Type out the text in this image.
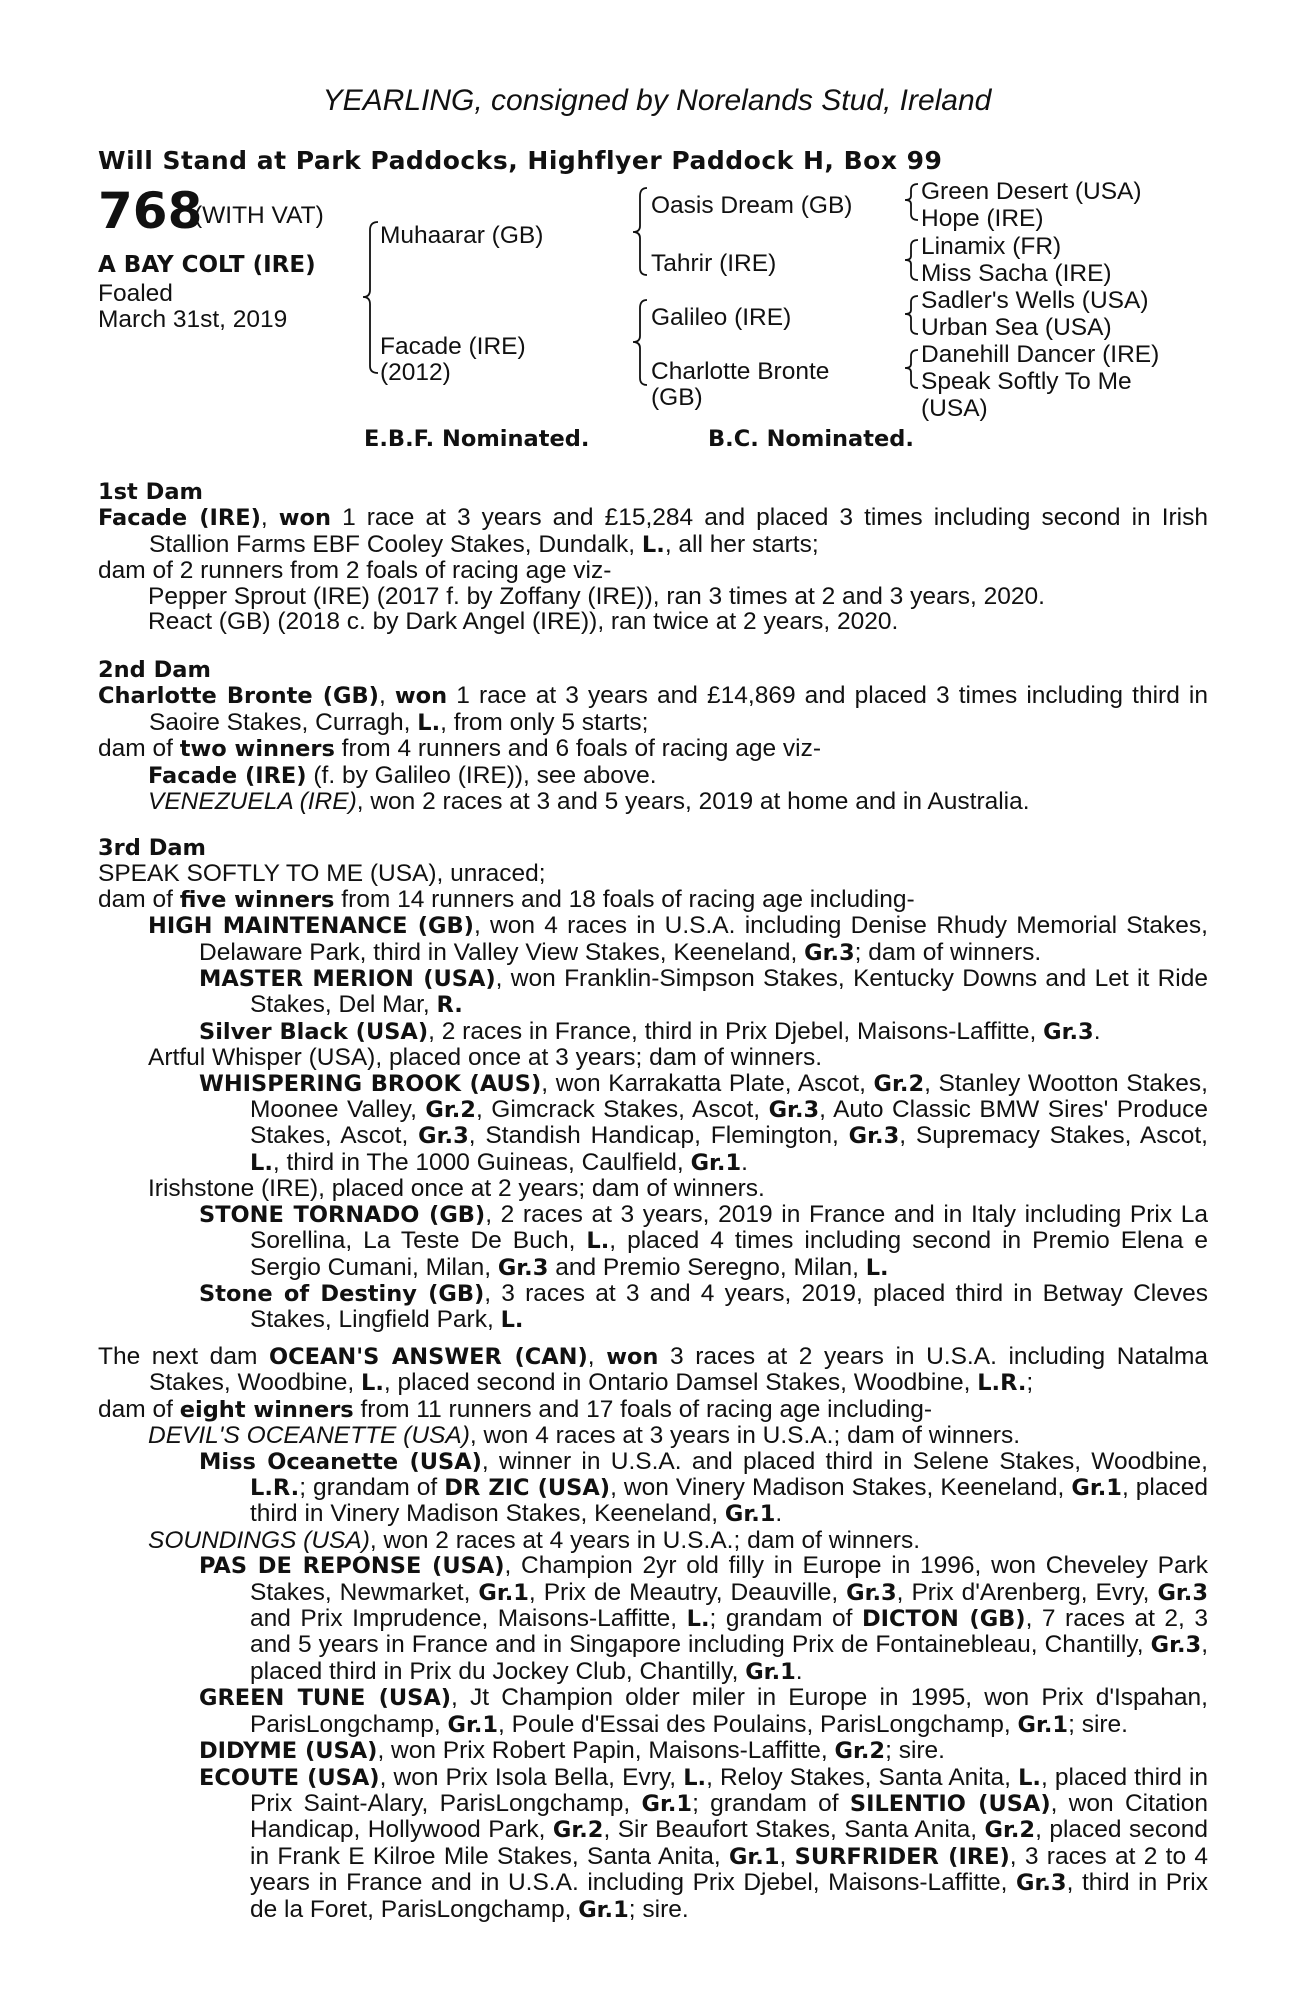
YEARLING, consigned by Norelands Stud, Ireland
Will Stand at Park Paddocks, Highflyer Paddock H, Box 99
768
(WITH VAT)
A BAY COLT (IRE)
Foaled
March 31st, 2019
Muhaarar (GB)
Facade (IRE)
(2012)
Oasis Dream (GB)
Tahrir (IRE)
Galileo (IRE)
Charlotte Bronte
(GB)
Green Desert (USA)
Hope (IRE)
Linamix (FR)
Miss Sacha (IRE)
Sadler's Wells (USA)
Urban Sea (USA)
Danehill Dancer (IRE)
Speak Softly To Me
(USA)
E.B.F. Nominated.	B.C. Nominated.

1st Dam

Facade (IRE), won 1 race at 3 years and £15,284 and placed 3 times including second in Irish Stallion Farms EBF Cooley Stakes, Dundalk, L., all her starts;

dam of 2 runners from 2 foals of racing age viz-

Pepper Sprout (IRE) (2017 f. by Zoffany (IRE)), ran 3 times at 2 and 3 years, 2020.

React (GB) (2018 c. by Dark Angel (IRE)), ran twice at 2 years, 2020.

2nd Dam

Charlotte Bronte (GB), won 1 race at 3 years and £14,869 and placed 3 times including third in Saoire Stakes, Curragh, L., from only 5 starts;

dam of two winners from 4 runners and 6 foals of racing age viz-

Facade (IRE) (f. by Galileo (IRE)), see above.

VENEZUELA (IRE), won 2 races at 3 and 5 years, 2019 at home and in Australia.

3rd Dam

SPEAK SOFTLY TO ME (USA), unraced;

dam of five winners from 14 runners and 18 foals of racing age including-

HIGH MAINTENANCE (GB), won 4 races in U.S.A. including Denise Rhudy Memorial Stakes, Delaware Park, third in Valley View Stakes, Keeneland, Gr.3; dam of winners.

MASTER MERION (USA), won Franklin-Simpson Stakes, Kentucky Downs and Let it Ride Stakes, Del Mar, R.

Silver Black (USA), 2 races in France, third in Prix Djebel, Maisons-Laffitte, Gr.3.

Artful Whisper (USA), placed once at 3 years; dam of winners.

WHISPERING BROOK (AUS), won Karrakatta Plate, Ascot, Gr.2, Stanley Wootton Stakes, Moonee Valley, Gr.2, Gimcrack Stakes, Ascot, Gr.3, Auto Classic BMW Sires' Produce Stakes, Ascot, Gr.3, Standish Handicap, Flemington, Gr.3, Supremacy Stakes, Ascot, L., third in The 1000 Guineas, Caulfield, Gr.1.

Irishstone (IRE), placed once at 2 years; dam of winners.

STONE TORNADO (GB), 2 races at 3 years, 2019 in France and in Italy including Prix La Sorellina, La Teste De Buch, L., placed 4 times including second in Premio Elena e Sergio Cumani, Milan, Gr.3 and Premio Seregno, Milan, L.

Stone of Destiny (GB), 3 races at 3 and 4 years, 2019, placed third in Betway Cleves Stakes, Lingfield Park, L.

The next dam OCEAN'S ANSWER (CAN), won 3 races at 2 years in U.S.A. including Natalma Stakes, Woodbine, L., placed second in Ontario Damsel Stakes, Woodbine, L.R.;

dam of eight winners from 11 runners and 17 foals of racing age including-

DEVIL'S OCEANETTE (USA), won 4 races at 3 years in U.S.A.; dam of winners.

Miss Oceanette (USA), winner in U.S.A. and placed third in Selene Stakes, Woodbine, L.R.; grandam of DR ZIC (USA), won Vinery Madison Stakes, Keeneland, Gr.1, placed third in Vinery Madison Stakes, Keeneland, Gr.1.

SOUNDINGS (USA), won 2 races at 4 years in U.S.A.; dam of winners.

PAS DE REPONSE (USA), Champion 2yr old filly in Europe in 1996, won Cheveley Park Stakes, Newmarket, Gr.1, Prix de Meautry, Deauville, Gr.3, Prix d'Arenberg, Evry, Gr.3 and Prix Imprudence, Maisons-Laffitte, L.; grandam of DICTON (GB), 7 races at 2, 3 and 5 years in France and in Singapore including Prix de Fontainebleau, Chantilly, Gr.3, placed third in Prix du Jockey Club, Chantilly, Gr.1.

GREEN TUNE (USA), Jt Champion older miler in Europe in 1995, won Prix d'Ispahan, ParisLongchamp, Gr.1, Poule d'Essai des Poulains, ParisLongchamp, Gr.1; sire.

DIDYME (USA), won Prix Robert Papin, Maisons-Laffitte, Gr.2; sire.

ECOUTE (USA), won Prix Isola Bella, Evry, L., Reloy Stakes, Santa Anita, L., placed third in Prix Saint-Alary, ParisLongchamp, Gr.1; grandam of SILENTIO (USA), won Citation Handicap, Hollywood Park, Gr.2, Sir Beaufort Stakes, Santa Anita, Gr.2, placed second in Frank E Kilroe Mile Stakes, Santa Anita, Gr.1, SURFRIDER (IRE), 3 races at 2 to 4 years in France and in U.S.A. including Prix Djebel, Maisons-Laffitte, Gr.3, third in Prix de la Foret, ParisLongchamp, Gr.1; sire.
